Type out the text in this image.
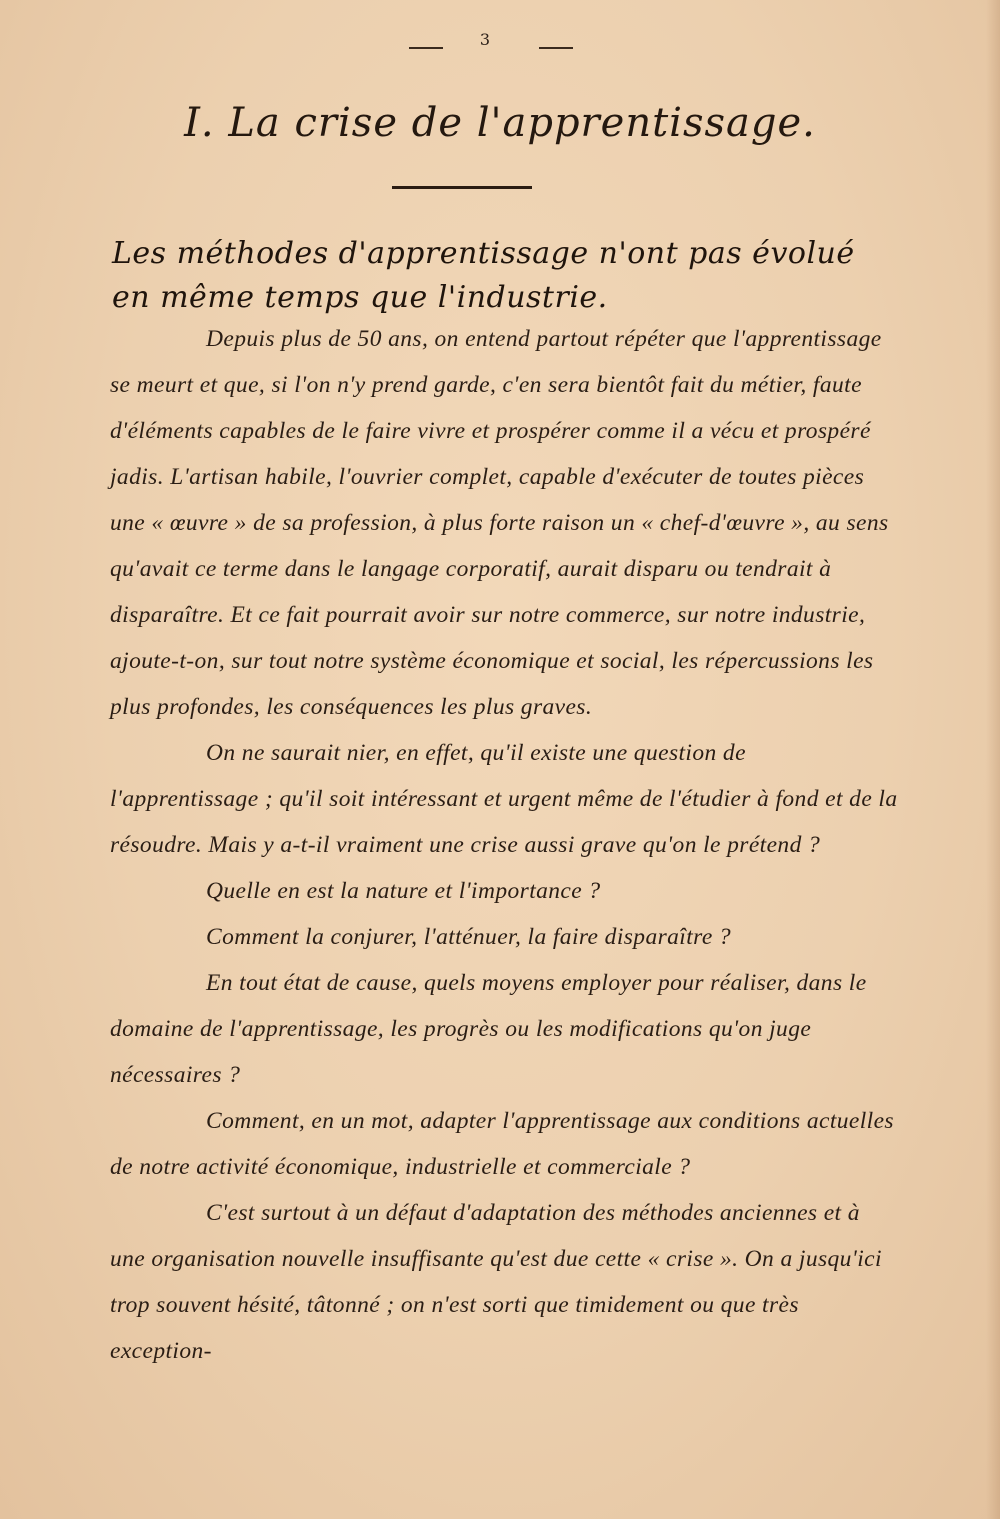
3
I. La crise de l'apprentissage.
Les méthodes d'apprentissage n'ont pas évolué en même temps que l'industrie.

Depuis plus de 50 ans, on entend partout répéter que l'apprentissage se meurt et que, si l'on n'y prend garde, c'en sera bientôt fait du métier, faute d'éléments capables de le faire vivre et prospérer comme il a vécu et prospéré jadis. L'artisan habile, l'ouvrier complet, capable d'exécuter de toutes pièces une « œuvre » de sa profession, à plus forte raison un « chef-d'œuvre », au sens qu'avait ce terme dans le langage corporatif, aurait disparu ou tendrait à disparaître. Et ce fait pourrait avoir sur notre commerce, sur notre industrie, ajoute-t-on, sur tout notre système économique et social, les répercussions les plus profondes, les conséquences les plus graves.

On ne saurait nier, en effet, qu'il existe une question de l'apprentissage ; qu'il soit intéressant et urgent même de l'étudier à fond et de la résoudre. Mais y a-t-il vraiment une crise aussi grave qu'on le prétend ?

Quelle en est la nature et l'importance ?

Comment la conjurer, l'atténuer, la faire disparaître ?

En tout état de cause, quels moyens employer pour réaliser, dans le domaine de l'apprentissage, les progrès ou les modifications qu'on juge nécessaires ?

Comment, en un mot, adapter l'apprentissage aux conditions actuelles de notre activité économique, industrielle et commerciale ?

C'est surtout à un défaut d'adaptation des méthodes anciennes et à une organisation nouvelle insuffisante qu'est due cette « crise ». On a jusqu'ici trop souvent hésité, tâtonné ; on n'est sorti que timidement ou que très exception-
